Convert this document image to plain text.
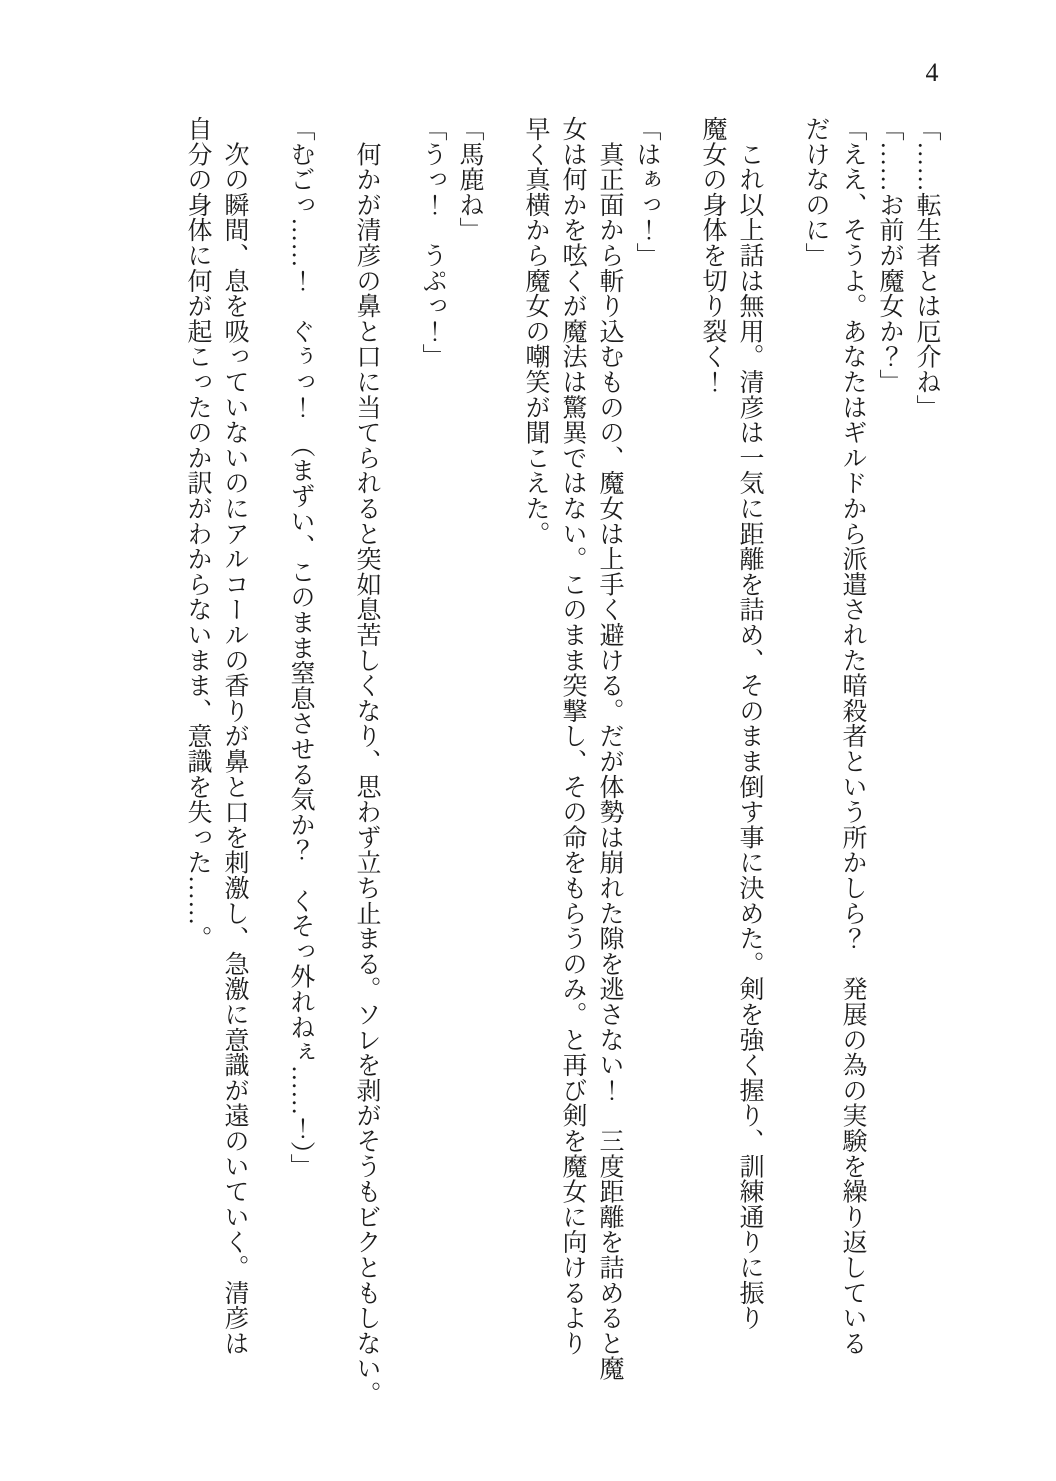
4
「……転生者とは厄介ね」
「……お前が魔女か？」
「ええ、そうよ。あなたはギルドから派遣された暗殺者という所かしら？　発展の為の実験を繰り返している
だけなのに」
　これ以上話は無用。清彦は一気に距離を詰め、そのまま倒す事に決めた。剣を強く握り、訓練通りに振り
魔女の身体を切り裂く！
「はぁっ！」
　真正面から斬り込むものの、魔女は上手く避ける。だが体勢は崩れた隙を逃さない！　三度距離を詰めると魔
女は何かを呟くが魔法は驚異ではない。このまま突撃し、その命をもらうのみ。と再び剣を魔女に向けるより
早く真横から魔女の嘲笑が聞こえた。
「馬鹿ね」
「うっ！　うぷっ！」
　何かが清彦の鼻と口に当てられると突如息苦しくなり、思わず立ち止まる。ソレを剥がそうもビクともしない。
「むごっ……！　ぐぅっ！　（まずい、このまま窒息させる気か？　くそっ外れねぇ……！）」
　次の瞬間、息を吸っていないのにアルコールの香りが鼻と口を刺激し、急激に意識が遠のいていく。清彦は
自分の身体に何が起こったのか訳がわからないまま、意識を失った……。
